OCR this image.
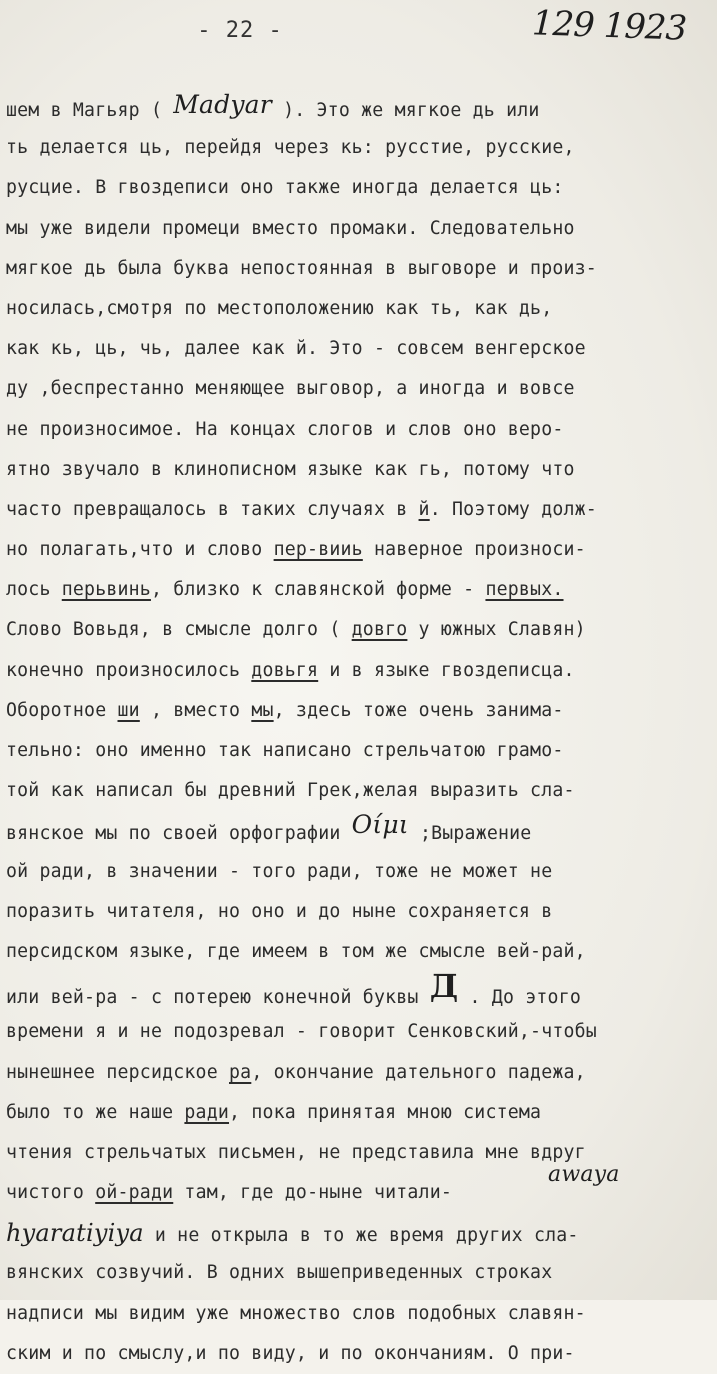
- 22 -	129 1923
шем в Магьяр ( Madyar ). Это же мягкое дь или
ть делается ць, перейдя через кь: русстие, русские,
русцие. В гвоздеписи оно также иногда делается ць:
мы уже видели промеци вместо промаки. Следовательно
мягкое дь была буква непостоянная в выговоре и произ-
носилась,смотря по местоположению как ть, как дь,
как кь, ць, чь, далее как й. Это - совсем венгерское
ду ,беспрестанно меняющее выговор, а иногда и вовсе
не произносимое. На концах слогов и слов оно веро-
ятно звучало в клинописном языке как гь, потому что
часто превращалось в таких случаях в й. Поэтому долж-
но полагать,что и слово пер-вииь наверное произноси-
лось перьвинь, близко к славянской форме - первых.
Слово Вовьдя, в смысле долго ( довго у южных Славян)
конечно произносилось довьгя и в языке гвоздеписца.
Оборотное ши , вместо мы, здесь тоже очень занима-
тельно: оно именно так написано стрельчатою грамо-
той как написал бы древний Грек,желая выразить сла-
вянское мы по своей орфографии Oίμι ;Выражение
ой ради, в значении - того ради, тоже не может не
поразить читателя, но оно и до ныне сохраняется в
персидском языке, где имеем в том же смысле вей-рай,
или вей-ра - с потерею конечной буквы Д . До этого
времени я и не подозревал - говорит Сенковский,-чтобы
нынешнее персидское ра, окончание дательного падежа,
было то же наше ради, пока принятая мною система
чтения стрельчатых письмен, не представила мне вдруг
чистого ой-ради там, где до-ныне читали-
awaya
hyaratiyiya и не открыла в то же время других сла-
вянских созвучий. В одних вышеприведенных строках
надписи мы видим уже множество слов подобных славян-
ским и по смыслу,и по виду, и по окончаниям. О при-
